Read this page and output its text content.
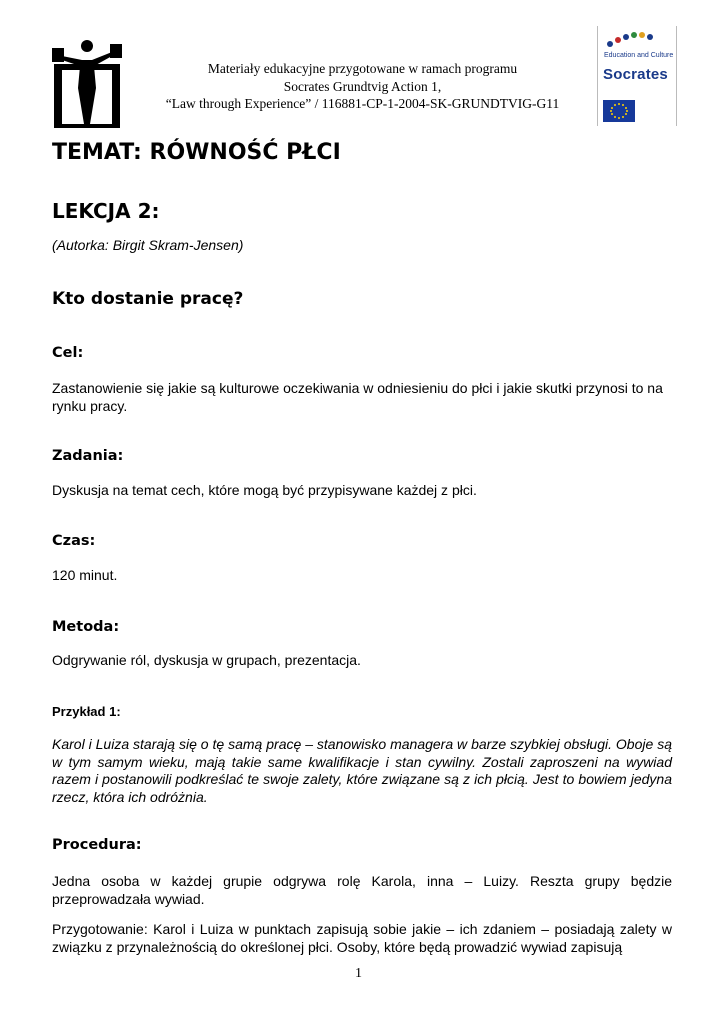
Materiały edukacyjne przygotowane w ramach programu
Socrates Grundtvig Action 1,
“Law through Experience” / 116881-CP-1-2004-SK-GRUNDTVIG-G11
Education and Culture
Socrates
TEMAT: RÓWNOŚĆ PŁCI
LEKCJA 2:
(Autorka: Birgit Skram-Jensen)
Kto dostanie pracę?
Cel:
Zastanowienie się jakie są kulturowe oczekiwania w odniesieniu do płci i jakie skutki przynosi to na rynku pracy.
Zadania:
Dyskusja na temat cech, które mogą być przypisywane każdej z płci.
Czas:
120 minut.
Metoda:
Odgrywanie ról, dyskusja w grupach, prezentacja.
Przykład 1:
Karol i Luiza starają się o tę samą pracę – stanowisko managera w barze szybkiej obsługi. Oboje są w tym samym wieku, mają takie same kwalifikacje i stan cywilny. Zostali zaproszeni na wywiad razem i postanowili podkreślać te swoje zalety, które związane są z ich płcią. Jest to bowiem jedyna rzecz, która ich odróżnia.
Procedura:
Jedna osoba w każdej grupie odgrywa rolę Karola, inna – Luizy. Reszta grupy będzie przeprowadzała wywiad.
Przygotowanie: Karol i Luiza w punktach zapisują sobie jakie – ich zdaniem – posiadają zalety w związku z przynależnością do określonej płci. Osoby, które będą prowadzić wywiad zapisują
1
